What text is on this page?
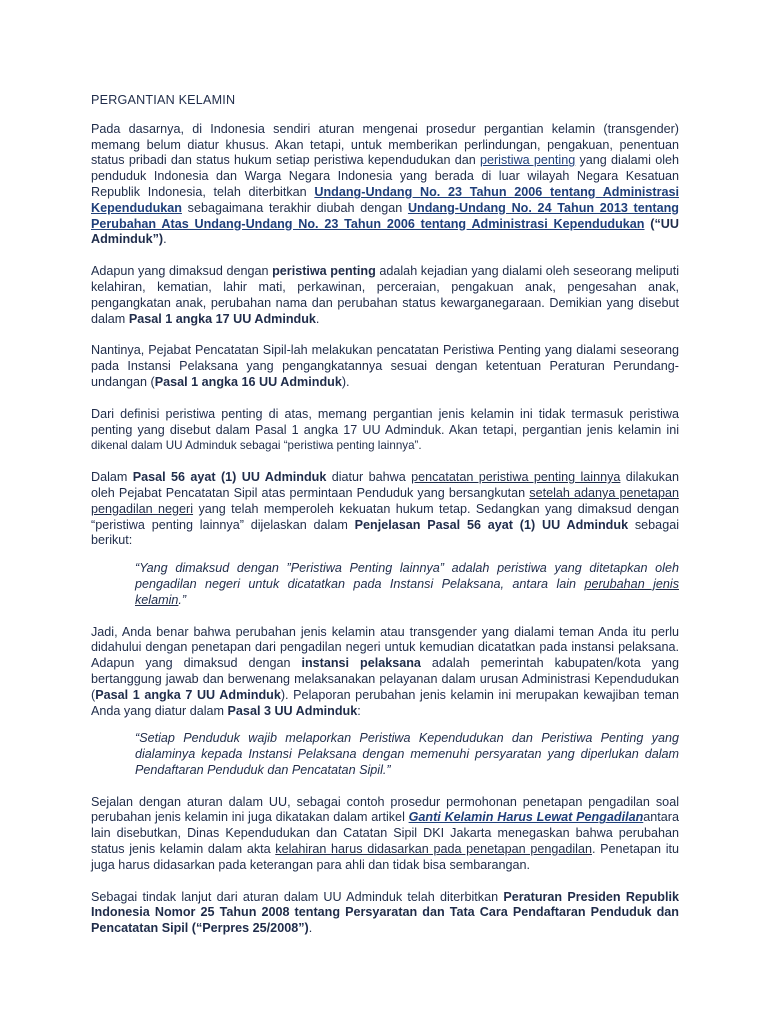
PERGANTIAN KELAMIN

Pada dasarnya, di Indonesia sendiri aturan mengenai prosedur pergantian kelamin (transgender) memang belum diatur khusus. Akan tetapi, untuk memberikan perlindungan, pengakuan, penentuan status pribadi dan status hukum setiap peristiwa kependudukan dan peristiwa penting yang dialami oleh penduduk Indonesia dan Warga Negara Indonesia yang berada di luar wilayah Negara Kesatuan Republik Indonesia, telah diterbitkan Undang-Undang No. 23 Tahun 2006 tentang Administrasi Kependudukan sebagaimana terakhir diubah dengan Undang-Undang No. 24 Tahun 2013 tentang Perubahan Atas Undang-Undang No. 23 Tahun 2006 tentang Administrasi Kependudukan (“UU Adminduk”).

Adapun yang dimaksud dengan peristiwa penting adalah kejadian yang dialami oleh seseorang meliputi kelahiran, kematian, lahir mati, perkawinan, perceraian, pengakuan anak, pengesahan anak, pengangkatan anak, perubahan nama dan perubahan status kewarganegaraan. Demikian yang disebut dalam Pasal 1 angka 17 UU Adminduk.

Nantinya, Pejabat Pencatatan Sipil-lah melakukan pencatatan Peristiwa Penting yang dialami seseorang pada Instansi Pelaksana yang pengangkatannya sesuai dengan ketentuan Peraturan Perundang-undangan (Pasal 1 angka 16 UU Adminduk).

Dari definisi peristiwa penting di atas, memang pergantian jenis kelamin ini tidak termasuk peristiwa penting yang disebut dalam Pasal 1 angka 17 UU Adminduk. Akan tetapi, pergantian jenis kelamin ini dikenal dalam UU Adminduk sebagai “peristiwa penting lainnya”.

Dalam Pasal 56 ayat (1) UU Adminduk diatur bahwa pencatatan peristiwa penting lainnya dilakukan oleh Pejabat Pencatatan Sipil atas permintaan Penduduk yang bersangkutan setelah adanya penetapan pengadilan negeri yang telah memperoleh kekuatan hukum tetap. Sedangkan yang dimaksud dengan “peristiwa penting lainnya” dijelaskan dalam Penjelasan Pasal 56 ayat (1) UU Adminduk sebagai berikut:

“Yang dimaksud dengan ”Peristiwa Penting lainnya” adalah peristiwa yang ditetapkan oleh pengadilan negeri untuk dicatatkan pada Instansi Pelaksana, antara lain perubahan jenis kelamin.”

Jadi, Anda benar bahwa perubahan jenis kelamin atau transgender yang dialami teman Anda itu perlu didahului dengan penetapan dari pengadilan negeri untuk kemudian dicatatkan pada instansi pelaksana. Adapun yang dimaksud dengan instansi pelaksana adalah pemerintah kabupaten/kota yang bertanggung jawab dan berwenang melaksanakan pelayanan dalam urusan Administrasi Kependudukan (Pasal 1 angka 7 UU Adminduk). Pelaporan perubahan jenis kelamin ini merupakan kewajiban teman Anda yang diatur dalam Pasal 3 UU Adminduk:

“Setiap Penduduk wajib melaporkan Peristiwa Kependudukan dan Peristiwa Penting yang dialaminya kepada Instansi Pelaksana dengan memenuhi persyaratan yang diperlukan dalam Pendaftaran Penduduk dan Pencatatan Sipil.”

Sejalan dengan aturan dalam UU, sebagai contoh prosedur permohonan penetapan pengadilan soal perubahan jenis kelamin ini juga dikatakan dalam artikel Ganti Kelamin Harus Lewat Pengadilanantara lain disebutkan, Dinas Kependudukan dan Catatan Sipil DKI Jakarta menegaskan bahwa perubahan status jenis kelamin dalam akta kelahiran harus didasarkan pada penetapan pengadilan. Penetapan itu juga harus didasarkan pada keterangan para ahli dan tidak bisa sembarangan.

Sebagai tindak lanjut dari aturan dalam UU Adminduk telah diterbitkan Peraturan Presiden Republik Indonesia Nomor 25 Tahun 2008 tentang Persyaratan dan Tata Cara Pendaftaran Penduduk dan Pencatatan Sipil (“Perpres 25/2008”).
